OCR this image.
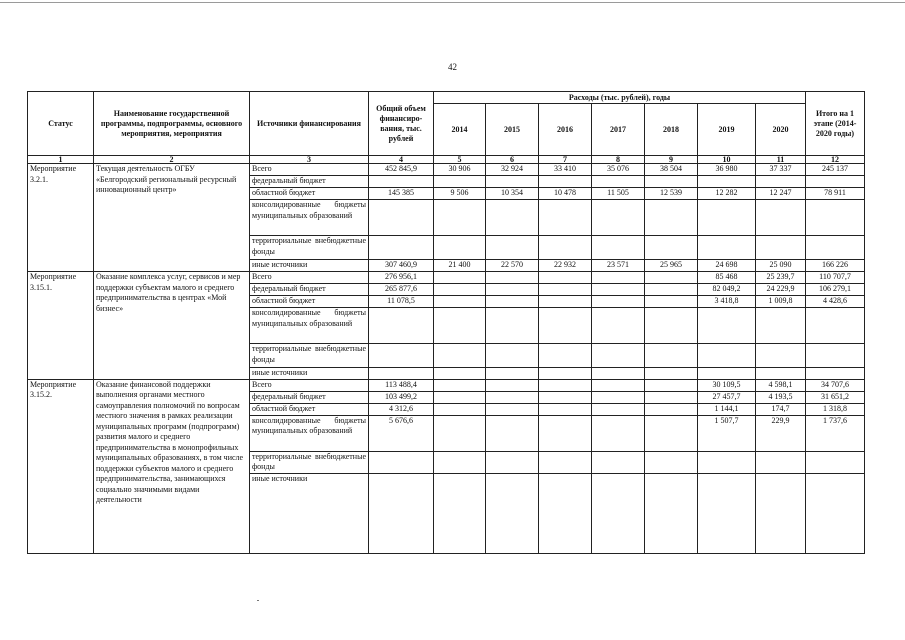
42
Статус	Наименование государственной программы, подпрограммы, основного мероприятия, мероприятия	Источники финансирования	Общий объем финансиро-вания, тыс. рублей	Расходы (тыс. рублей), годы							Итого на 1 этапе (2014-2020 годы)
				2014	2015	2016	2017	2018	2019	2020	
1	2	3	4	5	6	7	8	9	10	11	12
Мероприятие 3.2.1.	Текущая деятельность ОГБУ «Белгородский региональный ресурсный инновационный центр»	Всего	452 845,9	30 906	32 924	33 410	35 076	38 504	36 980	37 337	245 137
		федеральный бюджет									
		областной бюджет	145 385	9 506	10 354	10 478	11 505	12 539	12 282	12 247	78 911
		консолидированные бюджеты муниципальных образований									
		территориальные внебюджетные фонды									
		иные источники	307 460,9	21 400	22 570	22 932	23 571	25 965	24 698	25 090	166 226
Мероприятие 3.15.1.	Оказание комплекса услуг, сервисов и мер поддержки субъектам малого и среднего предпринимательства в центрах «Мой бизнес»	Всего	276 956,1						85 468	25 239,7	110 707,7
		федеральный бюджет	265 877,6						82 049,2	24 229,9	106 279,1
		областной бюджет	11 078,5						3 418,8	1 009,8	4 428,6
		консолидированные бюджеты муниципальных образований									
		территориальные внебюджетные фонды									
		иные источники									
Мероприятие 3.15.2.	Оказание финансовой поддержки выполнения органами местного самоуправления полномочий по вопросам местного значения в рамках реализации муниципальных программ (подпрограмм) развития малого и среднего предпринимательства в монопрофильных муниципальных образованиях, в том числе поддержки субъектов малого и среднего предпринимательства, занимающихся социально значимыми видами деятельности	Всего	113 488,4						30 109,5	4 598,1	34 707,6
		федеральный бюджет	103 499,2						27 457,7	4 193,5	31 651,2
		областной бюджет	4 312,6						1 144,1	174,7	1 318,8
		консолидированные бюджеты муниципальных образований	5 676,6						1 507,7	229,9	1 737,6
		территориальные внебюджетные фонды									
		иные источники									
